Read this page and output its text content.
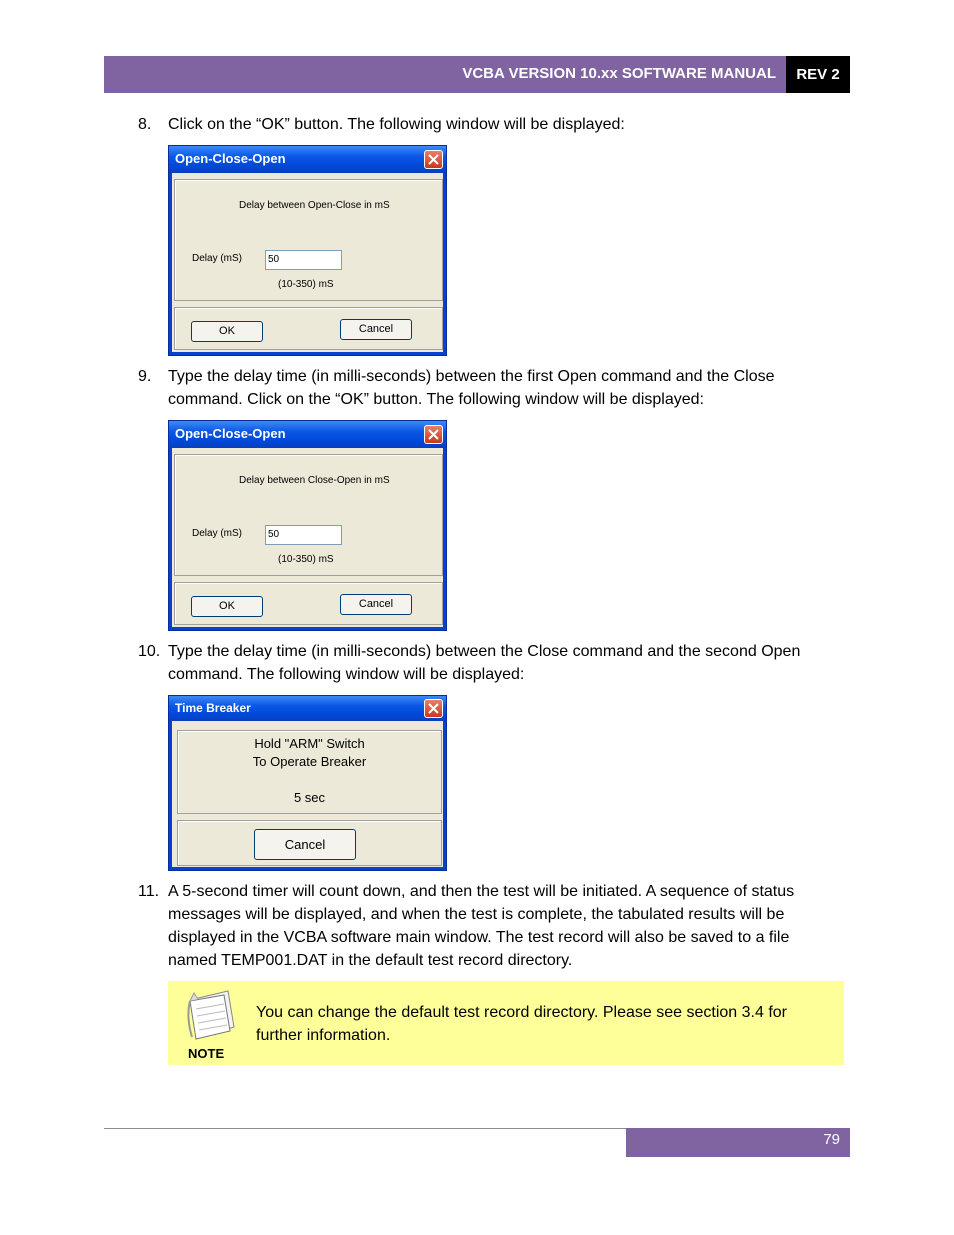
VCBA VERSION 10.xx SOFTWARE MANUAL	REV 2
8. Click on the “OK” button. The following window will be displayed:
Open-Close-Open
Delay between Open-Close in mS
Delay (mS)	50
(10-350) mS
OK	Cancel
9. Type the delay time (in milli-seconds) between the first Open command and the Close command. Click on the “OK” button. The following window will be displayed:
Open-Close-Open
Delay between Close-Open in mS
Delay (mS)	50
(10-350) mS
OK	Cancel
10. Type the delay time (in milli-seconds) between the Close command and the second Open command. The following window will be displayed:
Time Breaker
Hold "ARM" Switch
To Operate Breaker
5 sec
Cancel
11. A 5-second timer will count down, and then the test will be initiated. A sequence of status messages will be displayed, and when the test is complete, the tabulated results will be displayed in the VCBA software main window. The test record will also be saved to a file named TEMP001.DAT in the default test record directory.
NOTE
You can change the default test record directory. Please see section 3.4 for further information.
79
